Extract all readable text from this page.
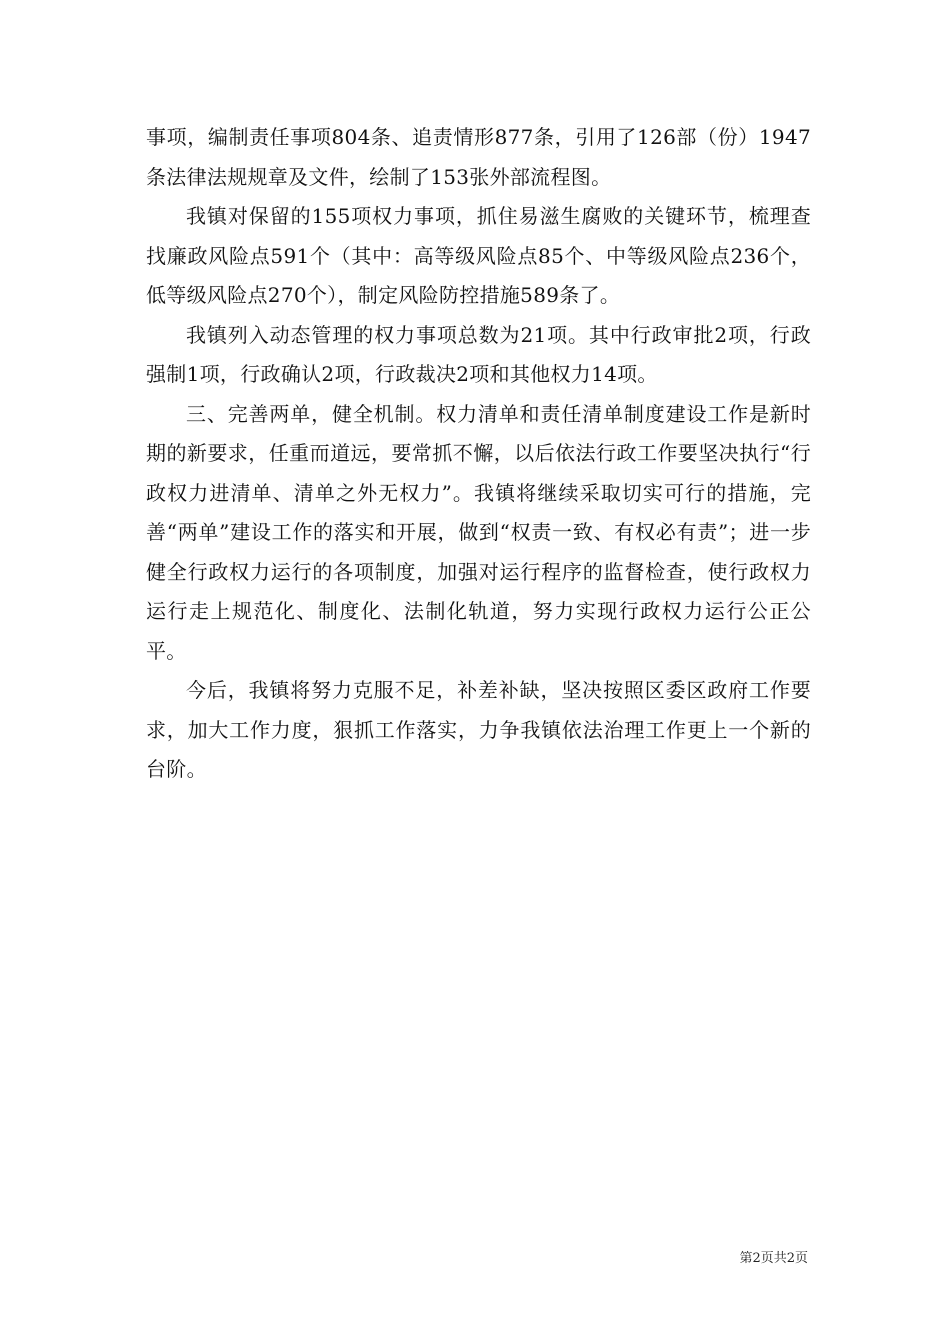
事项，编制责任事项804条、追责情形877条，引用了126部（份）1947条法律法规规章及文件，绘制了153张外部流程图。

我镇对保留的155项权力事项，抓住易滋生腐败的关键环节，梳理查找廉政风险点591个（其中：高等级风险点85个、中等级风险点236个，低等级风险点270个），制定风险防控措施589条了。

我镇列入动态管理的权力事项总数为21项。其中行政审批2项，行政强制1项，行政确认2项，行政裁决2项和其他权力14项。

三、完善两单，健全机制。权力清单和责任清单制度建设工作是新时期的新要求，任重而道远，要常抓不懈，以后依法行政工作要坚决执行“行政权力进清单、清单之外无权力”。我镇将继续采取切实可行的措施，完善“两单”建设工作的落实和开展，做到“权责一致、有权必有责”；进一步健全行政权力运行的各项制度，加强对运行程序的监督检查，使行政权力运行走上规范化、制度化、法制化轨道，努力实现行政权力运行公正公平。

今后，我镇将努力克服不足，补差补缺，坚决按照区委区政府工作要求，加大工作力度，狠抓工作落实，力争我镇依法治理工作更上一个新的台阶。

第2页共2页
